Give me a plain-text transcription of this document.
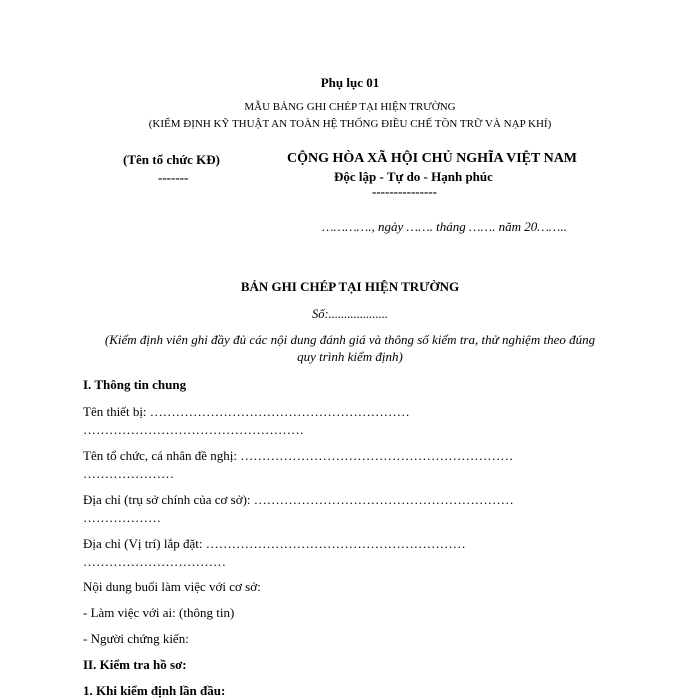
Phụ lục 01
MẪU BẢNG GHI CHÉP TẠI HIỆN TRƯỜNG
(KIỂM ĐỊNH KỸ THUẬT AN TOÀN HỆ THỐNG ĐIỀU CHẾ TỒN TRỮ VÀ NẠP KHÍ)
(Tên tổ chức KĐ)
-------
CỘNG HÒA XÃ HỘI CHỦ NGHĨA VIỆT NAM
Độc lập - Tự do - Hạnh phúc
---------------
…………., ngày ……. tháng ……. năm 20……..
BẢN GHI CHÉP TẠI HIỆN TRƯỜNG
Số:...................
(Kiểm định viên ghi đầy đủ các nội dung đánh giá và thông số kiểm tra, thử nghiệm theo đúng
quy trình kiểm định)
I. Thông tin chung
Tên thiết bị: ……………………………………………………
……………………………………………
Tên tổ chức, cá nhân đề nghị: ………………………………………………………
…………………
Địa chỉ (trụ sở chính của cơ sở): ……………………………………………………
………………
Địa chỉ (Vị trí) lắp đặt: ……………………………………………………
……………………………
Nội dung buổi làm việc với cơ sở:
- Làm việc với ai: (thông tin)
- Người chứng kiến:
II. Kiểm tra hồ sơ:
1. Khi kiểm định lần đầu:
